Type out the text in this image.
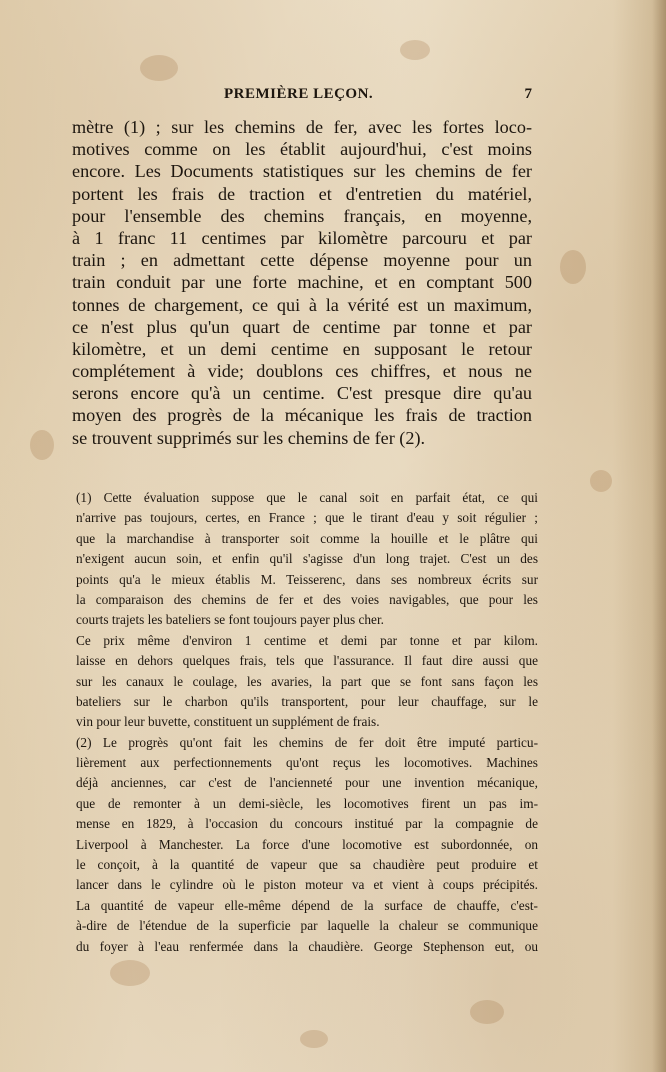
PREMIÈRE LEÇON.	7
mètre (1) ; sur les chemins de fer, avec les fortes loco-
motives comme on les établit aujourd'hui, c'est moins
encore. Les Documents statistiques sur les chemins de fer
portent les frais de traction et d'entretien du matériel,
pour l'ensemble des chemins français, en moyenne,
à 1 franc 11 centimes par kilomètre parcouru et par
train ; en admettant cette dépense moyenne pour un
train conduit par une forte machine, et en comptant 500
tonnes de chargement, ce qui à la vérité est un maximum,
ce n'est plus qu'un quart de centime par tonne et par
kilomètre, et un demi centime en supposant le retour
complétement à vide; doublons ces chiffres, et nous ne
serons encore qu'à un centime. C'est presque dire qu'au
moyen des progrès de la mécanique les frais de traction
se trouvent supprimés sur les chemins de fer (2).
(1) Cette évaluation suppose que le canal soit en parfait état, ce qui
n'arrive pas toujours, certes, en France ; que le tirant d'eau y soit régulier ;
que la marchandise à transporter soit comme la houille et le plâtre qui
n'exigent aucun soin, et enfin qu'il s'agisse d'un long trajet. C'est un des
points qu'a le mieux établis M. Teisserenc, dans ses nombreux écrits sur
la comparaison des chemins de fer et des voies navigables, que pour les
courts trajets les bateliers se font toujours payer plus cher.
Ce prix même d'environ 1 centime et demi par tonne et par kilom.
laisse en dehors quelques frais, tels que l'assurance. Il faut dire aussi que
sur les canaux le coulage, les avaries, la part que se font sans façon les
bateliers sur le charbon qu'ils transportent, pour leur chauffage, sur le
vin pour leur buvette, constituent un supplément de frais.
(2) Le progrès qu'ont fait les chemins de fer doit être imputé particu-
lièrement aux perfectionnements qu'ont reçus les locomotives. Machines
déjà anciennes, car c'est de l'ancienneté pour une invention mécanique,
que de remonter à un demi-siècle, les locomotives firent un pas im-
mense en 1829, à l'occasion du concours institué par la compagnie de
Liverpool à Manchester. La force d'une locomotive est subordonnée, on
le conçoit, à la quantité de vapeur que sa chaudière peut produire et
lancer dans le cylindre où le piston moteur va et vient à coups précipités.
La quantité de vapeur elle-même dépend de la surface de chauffe, c'est-
à-dire de l'étendue de la superficie par laquelle la chaleur se communique
du foyer à l'eau renfermée dans la chaudière. George Stephenson eut, ou
